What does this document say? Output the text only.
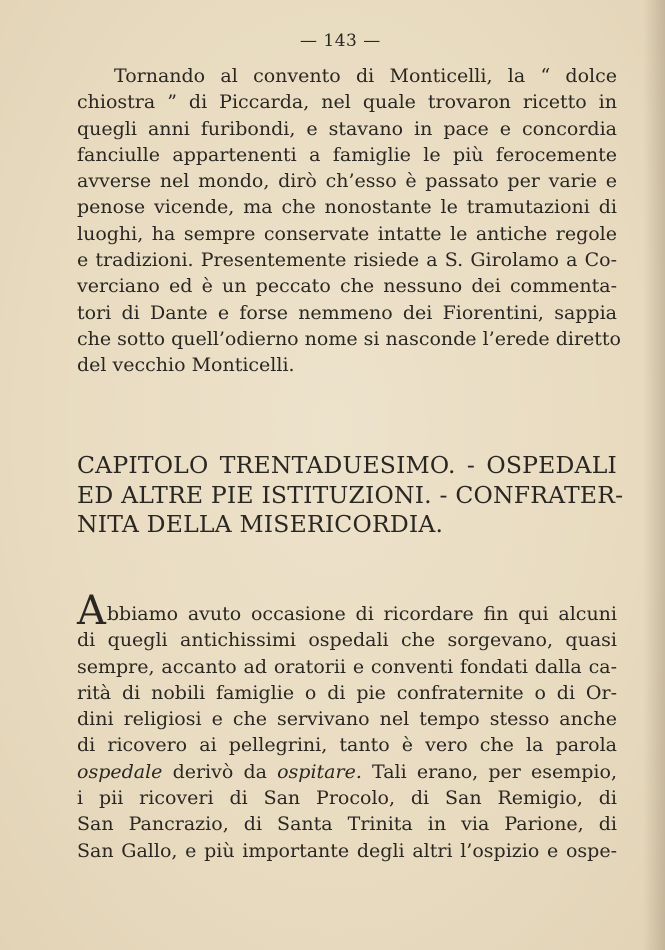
— 143 —
Tornando al convento di Monticelli, la “ dolce
chiostra ” di Piccarda, nel quale trovaron ricetto in
quegli anni furibondi, e stavano in pace e concordia
fanciulle appartenenti a famiglie le più ferocemente
avverse nel mondo, dirò ch’esso è passato per varie e
penose vicende, ma che nonostante le tramutazioni di
luoghi, ha sempre conservate intatte le antiche regole
e tradizioni. Presentemente risiede a S. Girolamo a Co-
verciano ed è un peccato che nessuno dei commenta-
tori di Dante e forse nemmeno dei Fiorentini, sappia
che sotto quell’odierno nome si nasconde l’erede diretto
del vecchio Monticelli.
CAPITOLO TRENTADUESIMO. - OSPEDALI
ED ALTRE PIE ISTITUZIONI. - CONFRATER-
NITA DELLA MISERICORDIA.
Abbiamo avuto occasione di ricordare fin qui alcuni
di quegli antichissimi ospedali che sorgevano, quasi
sempre, accanto ad oratorii e conventi fondati dalla ca-
rità di nobili famiglie o di pie confraternite o di Or-
dini religiosi e che servivano nel tempo stesso anche
di ricovero ai pellegrini, tanto è vero che la parola
ospedale derivò da ospitare. Tali erano, per esempio,
i pii ricoveri di San Procolo, di San Remigio, di
San Pancrazio, di Santa Trinita in via Parione, di
San Gallo, e più importante degli altri l’ospizio e ospe-
